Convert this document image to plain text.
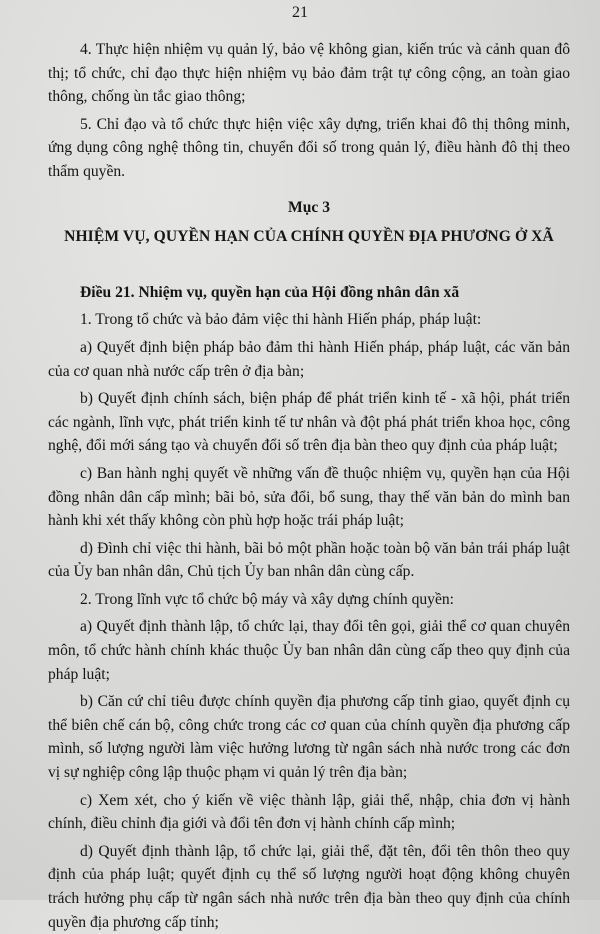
21

4. Thực hiện nhiệm vụ quản lý, bảo vệ không gian, kiến trúc và cảnh quan đô thị; tổ chức, chỉ đạo thực hiện nhiệm vụ bảo đảm trật tự công cộng, an toàn giao thông, chống ùn tắc giao thông;

5. Chỉ đạo và tổ chức thực hiện việc xây dựng, triển khai đô thị thông minh, ứng dụng công nghệ thông tin, chuyển đổi số trong quản lý, điều hành đô thị theo thẩm quyền.

Mục 3

NHIỆM VỤ, QUYỀN HẠN CỦA CHÍNH QUYỀN ĐỊA PHƯƠNG Ở XÃ

Điều 21. Nhiệm vụ, quyền hạn của Hội đồng nhân dân xã

1. Trong tổ chức và bảo đảm việc thi hành Hiến pháp, pháp luật:

a) Quyết định biện pháp bảo đảm thi hành Hiến pháp, pháp luật, các văn bản của cơ quan nhà nước cấp trên ở địa bàn;

b) Quyết định chính sách, biện pháp để phát triển kinh tế - xã hội, phát triển các ngành, lĩnh vực, phát triển kinh tế tư nhân và đột phá phát triển khoa học, công nghệ, đổi mới sáng tạo và chuyển đổi số trên địa bàn theo quy định của pháp luật;

c) Ban hành nghị quyết về những vấn đề thuộc nhiệm vụ, quyền hạn của Hội đồng nhân dân cấp mình; bãi bỏ, sửa đổi, bổ sung, thay thế văn bản do mình ban hành khi xét thấy không còn phù hợp hoặc trái pháp luật;

d) Đình chỉ việc thi hành, bãi bỏ một phần hoặc toàn bộ văn bản trái pháp luật của Ủy ban nhân dân, Chủ tịch Ủy ban nhân dân cùng cấp.

2. Trong lĩnh vực tổ chức bộ máy và xây dựng chính quyền:

a) Quyết định thành lập, tổ chức lại, thay đổi tên gọi, giải thể cơ quan chuyên môn, tổ chức hành chính khác thuộc Ủy ban nhân dân cùng cấp theo quy định của pháp luật;

b) Căn cứ chỉ tiêu được chính quyền địa phương cấp tỉnh giao, quyết định cụ thể biên chế cán bộ, công chức trong các cơ quan của chính quyền địa phương cấp mình, số lượng người làm việc hưởng lương từ ngân sách nhà nước trong các đơn vị sự nghiệp công lập thuộc phạm vi quản lý trên địa bàn;

c) Xem xét, cho ý kiến về việc thành lập, giải thể, nhập, chia đơn vị hành chính, điều chỉnh địa giới và đổi tên đơn vị hành chính cấp mình;

d) Quyết định thành lập, tổ chức lại, giải thể, đặt tên, đổi tên thôn theo quy định của pháp luật; quyết định cụ thể số lượng người hoạt động không chuyên trách hưởng phụ cấp từ ngân sách nhà nước trên địa bàn theo quy định của chính quyền địa phương cấp tỉnh;
